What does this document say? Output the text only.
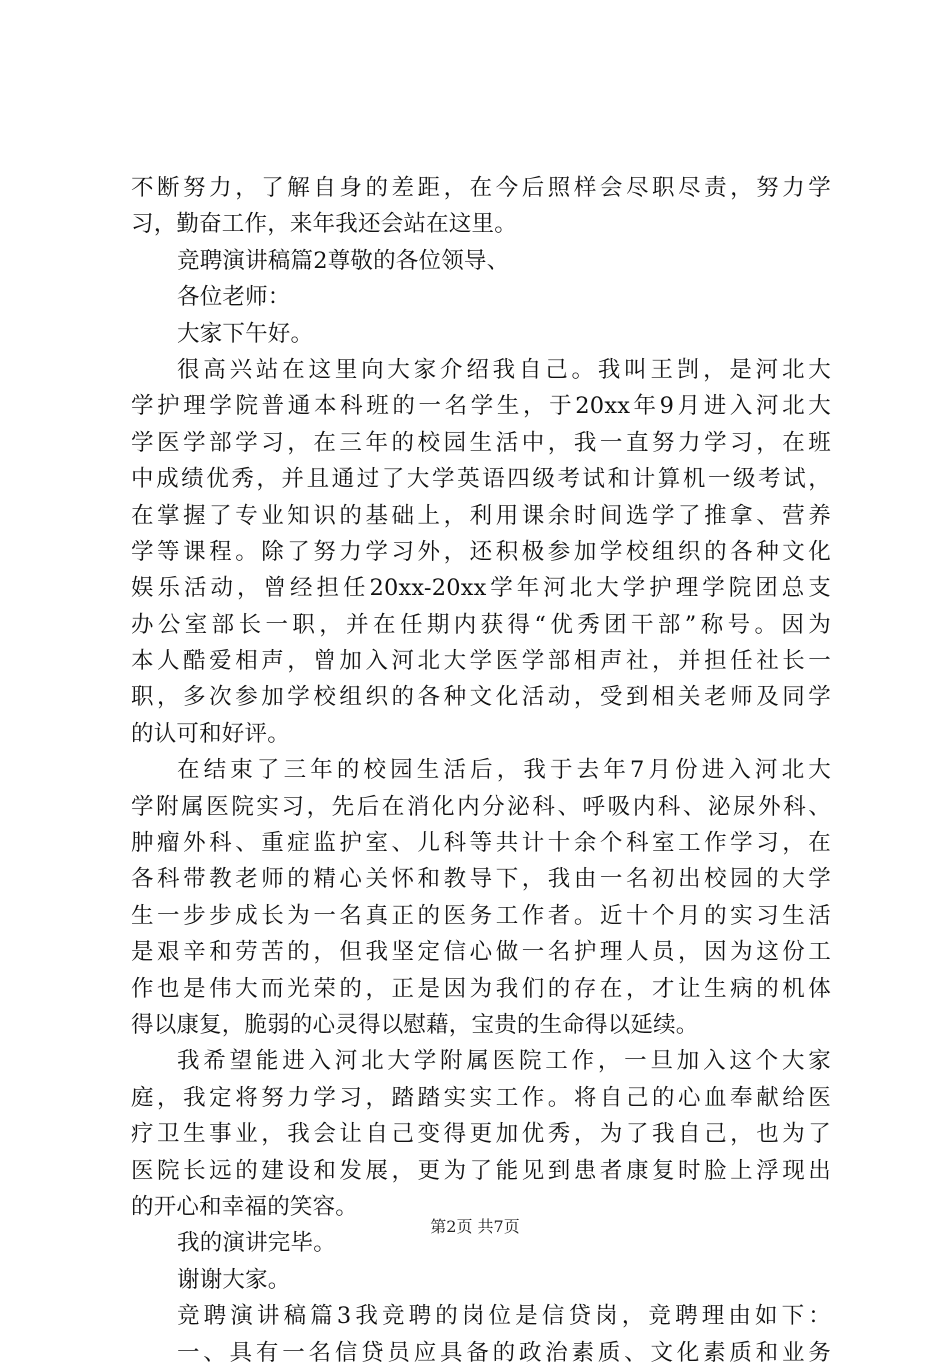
不断努力，了解自身的差距，在今后照样会尽职尽责，努力学
习，勤奋工作，来年我还会站在这里。
竞聘演讲稿篇2尊敬的各位领导、
各位老师：
大家下午好。
很高兴站在这里向大家介绍我自己。我叫王剀，是河北大
学护理学院普通本科班的一名学生，于20xx年9月进入河北大
学医学部学习，在三年的校园生活中，我一直努力学习，在班
中成绩优秀，并且通过了大学英语四级考试和计算机一级考试，
在掌握了专业知识的基础上，利用课余时间选学了推拿、营养
学等课程。除了努力学习外，还积极参加学校组织的各种文化
娱乐活动，曾经担任20xx-20xx学年河北大学护理学院团总支
办公室部长一职，并在任期内获得“优秀团干部”称号。因为
本人酷爱相声，曾加入河北大学医学部相声社，并担任社长一
职，多次参加学校组织的各种文化活动，受到相关老师及同学
的认可和好评。
在结束了三年的校园生活后，我于去年7月份进入河北大
学附属医院实习，先后在消化内分泌科、呼吸内科、泌尿外科、
肿瘤外科、重症监护室、儿科等共计十余个科室工作学习，在
各科带教老师的精心关怀和教导下，我由一名初出校园的大学
生一步步成长为一名真正的医务工作者。近十个月的实习生活
是艰辛和劳苦的，但我坚定信心做一名护理人员，因为这份工
作也是伟大而光荣的，正是因为我们的存在，才让生病的机体
得以康复，脆弱的心灵得以慰藉，宝贵的生命得以延续。
我希望能进入河北大学附属医院工作，一旦加入这个大家
庭，我定将努力学习，踏踏实实工作。将自己的心血奉献给医
疗卫生事业，我会让自己变得更加优秀，为了我自己，也为了
医院长远的建设和发展，更为了能见到患者康复时脸上浮现出
的开心和幸福的笑容。
我的演讲完毕。
谢谢大家。
竞聘演讲稿篇3我竞聘的岗位是信贷岗，竞聘理由如下：
一、具有一名信贷员应具备的政治素质、文化素质和业务
第2页 共7页
